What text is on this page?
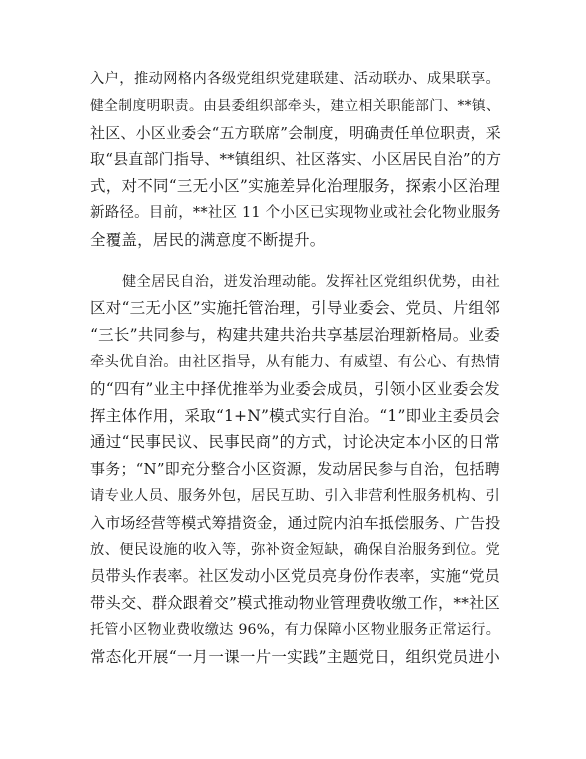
入户，推动网格内各级党组织党建联建、活动联办、成果联享。
健全制度明职责。由县委组织部牵头，建立相关职能部门、**镇、
社区、小区业委会“五方联席”会制度，明确责任单位职责，采
取“县直部门指导、**镇组织、社区落实、小区居民自治”的方
式，对不同“三无小区”实施差异化治理服务，探索小区治理
新路径。目前，**社区 11 个小区已实现物业或社会化物业服务
全覆盖，居民的满意度不断提升。

健全居民自治，迸发治理动能。发挥社区党组织优势，由社
区对“三无小区”实施托管治理，引导业委会、党员、片组邻
“三长”共同参与，构建共建共治共享基层治理新格局。业委
牵头优自治。由社区指导，从有能力、有威望、有公心、有热情
的“四有”业主中择优推举为业委会成员，引领小区业委会发
挥主体作用，采取“1+N”模式实行自治。“1”即业主委员会
通过“民事民议、民事民商”的方式，讨论决定本小区的日常
事务；“N”即充分整合小区资源，发动居民参与自治，包括聘
请专业人员、服务外包，居民互助、引入非营利性服务机构、引
入市场经营等模式筹措资金，通过院内泊车抵偿服务、广告投
放、便民设施的收入等，弥补资金短缺，确保自治服务到位。党
员带头作表率。社区发动小区党员亮身份作表率，实施“党员
带头交、群众跟着交”模式推动物业管理费收缴工作，**社区
托管小区物业费收缴达 96%，有力保障小区物业服务正常运行。
常态化开展“一月一课一片一实践”主题党日，组织党员进小
